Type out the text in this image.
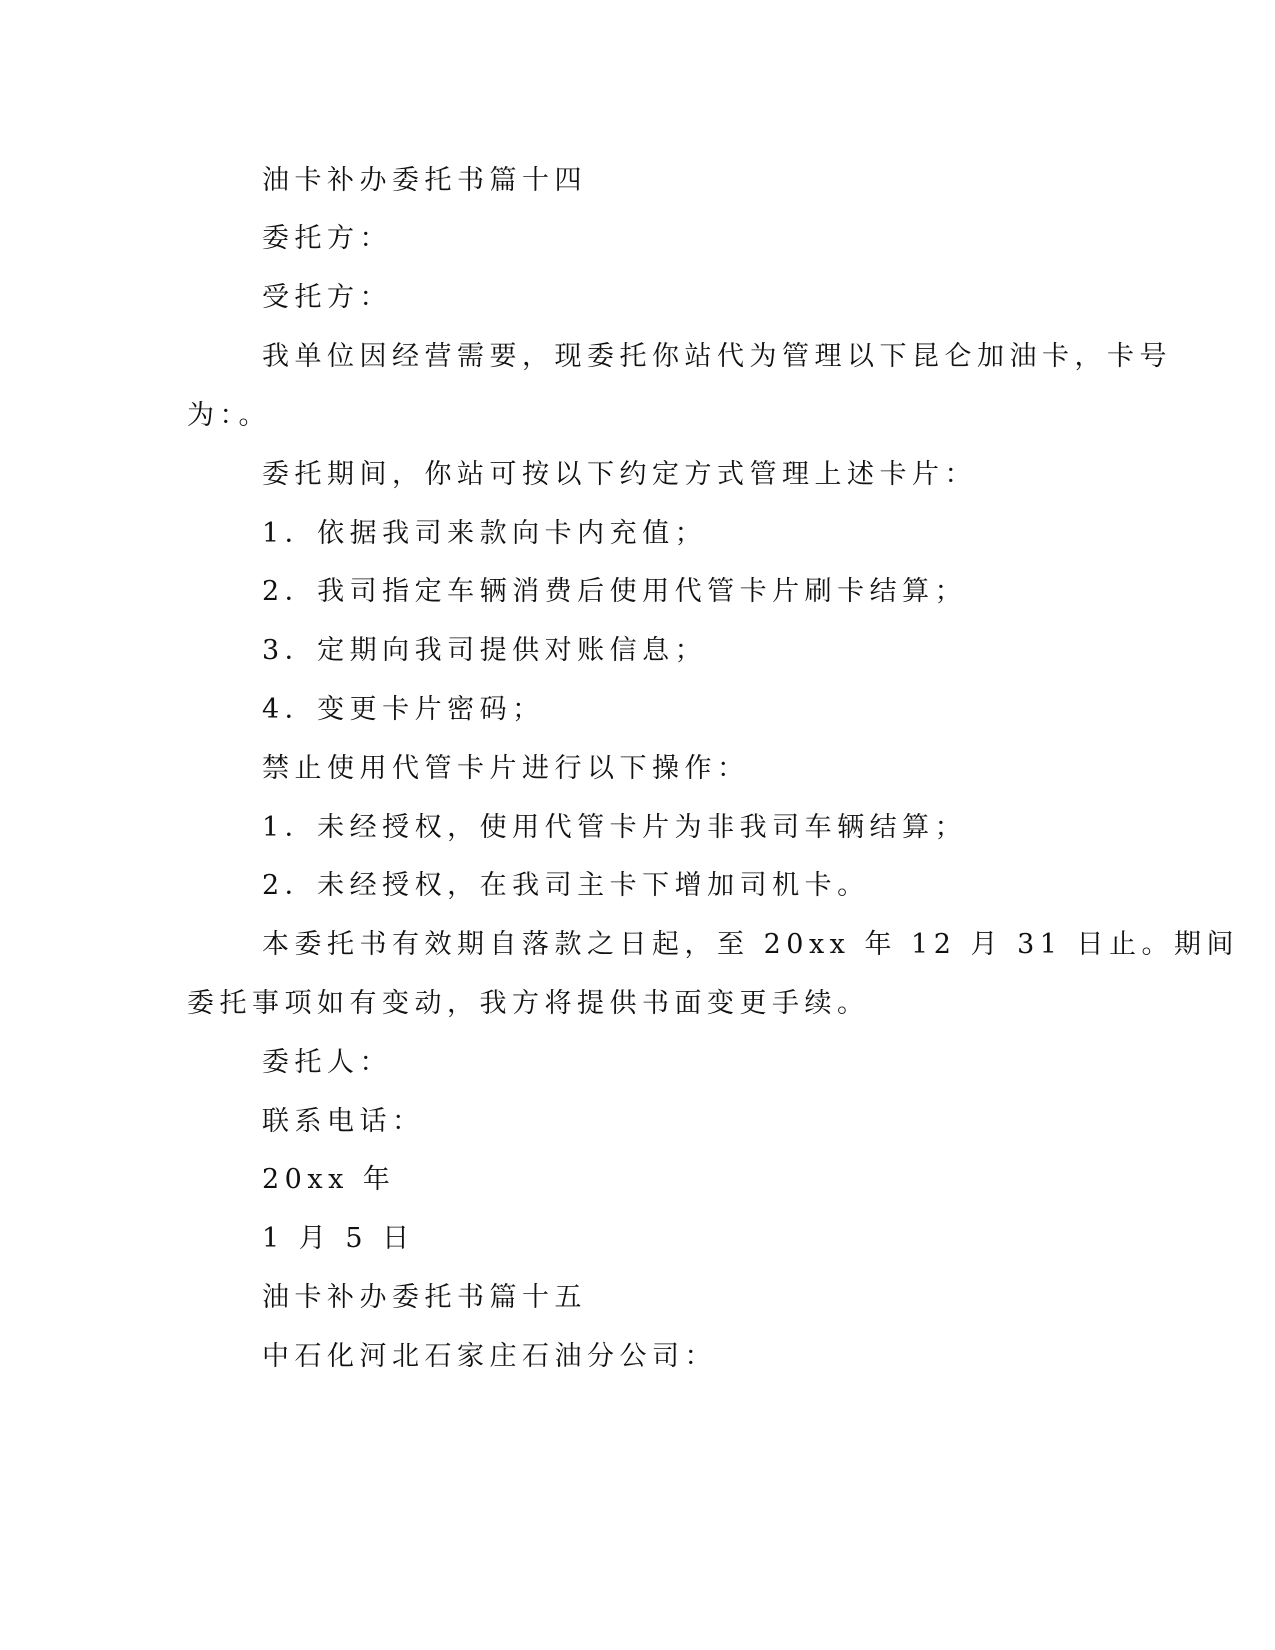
油卡补办委托书篇十四
委托方：
受托方：
我单位因经营需要，现委托你站代为管理以下昆仑加油卡，卡号
为：。
委托期间，你站可按以下约定方式管理上述卡片：
1．依据我司来款向卡内充值；
2．我司指定车辆消费后使用代管卡片刷卡结算；
3．定期向我司提供对账信息；
4．变更卡片密码；
禁止使用代管卡片进行以下操作：
1．未经授权，使用代管卡片为非我司车辆结算；
2．未经授权，在我司主卡下增加司机卡。
本委托书有效期自落款之日起，至 20xx 年 12 月 31 日止。期间
委托事项如有变动，我方将提供书面变更手续。
委托人：
联系电话：
20xx 年
1 月 5 日
油卡补办委托书篇十五
中石化河北石家庄石油分公司：
